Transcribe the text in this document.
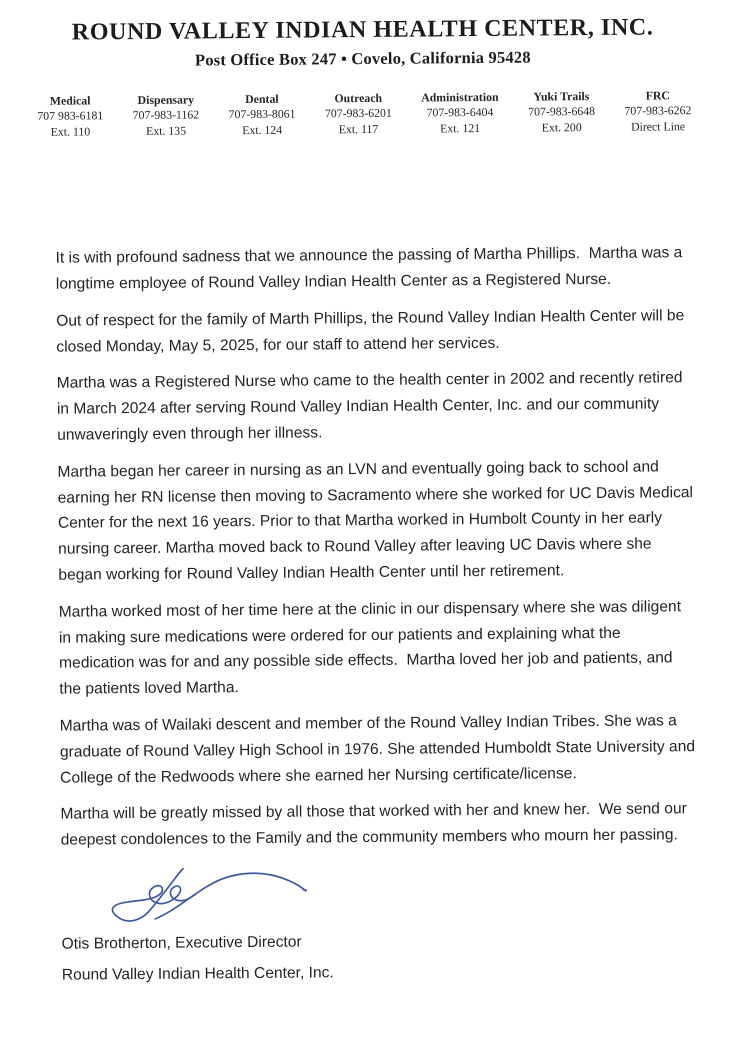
ROUND VALLEY INDIAN HEALTH CENTER, INC.
Post Office Box 247 • Covelo, California 95428
Medical
707 983-6181
Ext. 110
Dispensary
707-983-1162
Ext. 135
Dental
707-983-8061
Ext. 124
Outreach
707-983-6201
Ext. 117
Administration
707-983-6404
Ext. 121
Yuki Trails
707-983-6648
Ext. 200
FRC
707-983-6262
Direct Line

It is with profound sadness that we announce the passing of Martha Phillips.  Martha was a longtime employee of Round Valley Indian Health Center as a Registered Nurse.

Out of respect for the family of Marth Phillips, the Round Valley Indian Health Center will be closed Monday, May 5, 2025, for our staff to attend her services.

Martha was a Registered Nurse who came to the health center in 2002 and recently retired in March 2024 after serving Round Valley Indian Health Center, Inc. and our community unwaveringly even through her illness.

Martha began her career in nursing as an LVN and eventually going back to school and earning her RN license then moving to Sacramento where she worked for UC Davis Medical Center for the next 16 years. Prior to that Martha worked in Humbolt County in her early nursing career. Martha moved back to Round Valley after leaving UC Davis where she began working for Round Valley Indian Health Center until her retirement.

Martha worked most of her time here at the clinic in our dispensary where she was diligent in making sure medications were ordered for our patients and explaining what the medication was for and any possible side effects.  Martha loved her job and patients, and the patients loved Martha.

Martha was of Wailaki descent and member of the Round Valley Indian Tribes. She was a graduate of Round Valley High School in 1976. She attended Humboldt State University and College of the Redwoods where she earned her Nursing certificate/license.

Martha will be greatly missed by all those that worked with her and knew her.  We send our deepest condolences to the Family and the community members who mourn her passing.

Otis Brotherton, Executive Director
Round Valley Indian Health Center, Inc.
